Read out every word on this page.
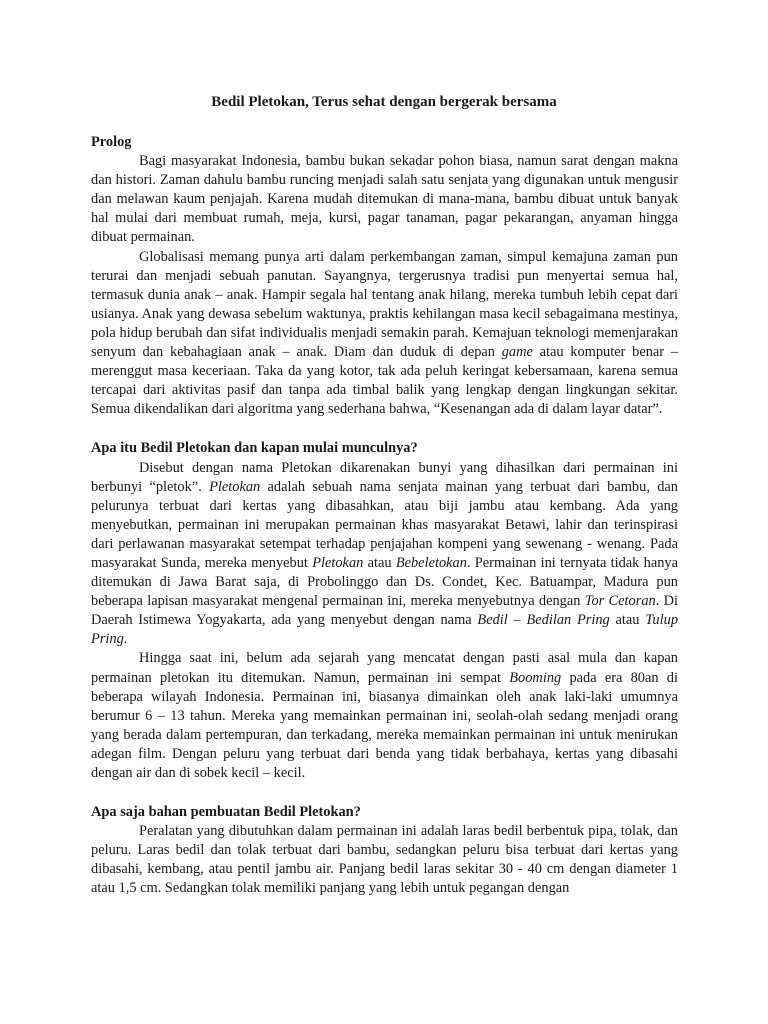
Bedil Pletokan, Terus sehat dengan bergerak bersama

Prolog

Bagi masyarakat Indonesia, bambu bukan sekadar pohon biasa, namun sarat dengan makna dan histori. Zaman dahulu bambu runcing menjadi salah satu senjata yang digunakan untuk mengusir dan melawan kaum penjajah. Karena mudah ditemukan di mana-mana, bambu dibuat untuk banyak hal mulai dari membuat rumah, meja, kursi, pagar tanaman, pagar pekarangan, anyaman hingga dibuat permainan.

Globalisasi memang punya arti dalam perkembangan zaman, simpul kemajuna zaman pun terurai dan menjadi sebuah panutan. Sayangnya, tergerusnya tradisi pun menyertai semua hal, termasuk dunia anak – anak. Hampir segala hal tentang anak hilang, mereka tumbuh lebih cepat dari usianya. Anak yang dewasa sebelum waktunya, praktis kehilangan masa kecil sebagaimana mestinya, pola hidup berubah dan sifat individualis menjadi semakin parah. Kemajuan teknologi memenjarakan senyum dan kebahagiaan anak – anak. Diam dan duduk di depan game atau komputer benar – merenggut masa keceriaan. Taka da yang kotor, tak ada peluh keringat kebersamaan, karena semua tercapai dari aktivitas pasif dan tanpa ada timbal balik yang lengkap dengan lingkungan sekitar. Semua dikendalikan dari algoritma yang sederhana bahwa, “Kesenangan ada di dalam layar datar”.

Apa itu Bedil Pletokan dan kapan mulai munculnya?

Disebut dengan nama Pletokan dikarenakan bunyi yang dihasilkan dari permainan ini berbunyi “pletok”. Pletokan adalah sebuah nama senjata mainan yang terbuat dari bambu, dan pelurunya terbuat dari kertas yang dibasahkan, atau biji jambu atau kembang. Ada yang menyebutkan, permainan ini merupakan permainan khas masyarakat Betawi, lahir dan terinspirasi dari perlawanan masyarakat setempat terhadap penjajahan kompeni yang sewenang - wenang. Pada masyarakat Sunda, mereka menyebut Pletokan atau Bebeletokan. Permainan ini ternyata tidak hanya ditemukan di Jawa Barat saja, di Probolinggo dan Ds. Condet, Kec. Batuampar, Madura pun beberapa lapisan masyarakat mengenal permainan ini, mereka menyebutnya dengan Tor Cetoran. Di Daerah Istimewa Yogyakarta, ada yang menyebut dengan nama Bedil – Bedilan Pring atau Tulup Pring.

Hingga saat ini, belum ada sejarah yang mencatat dengan pasti asal mula dan kapan permainan pletokan itu ditemukan. Namun, permainan ini sempat Booming pada era 80an di beberapa wilayah Indonesia. Permainan ini, biasanya dimainkan oleh anak laki-laki umumnya berumur 6 – 13 tahun. Mereka yang memainkan permainan ini, seolah-olah sedang menjadi orang yang berada dalam pertempuran, dan terkadang, mereka memainkan permainan ini untuk menirukan adegan film. Dengan peluru yang terbuat dari benda yang tidak berbahaya, kertas yang dibasahi dengan air dan di sobek kecil – kecil.

Apa saja bahan pembuatan Bedil Pletokan?

Peralatan yang dibutuhkan dalam permainan ini adalah laras bedil berbentuk pipa, tolak, dan peluru. Laras bedil dan tolak terbuat dari bambu, sedangkan peluru bisa terbuat dari kertas yang dibasahi, kembang, atau pentil jambu air. Panjang bedil laras sekitar 30 - 40 cm dengan diameter 1 atau 1,5 cm. Sedangkan tolak memiliki panjang yang lebih untuk pegangan dengan
